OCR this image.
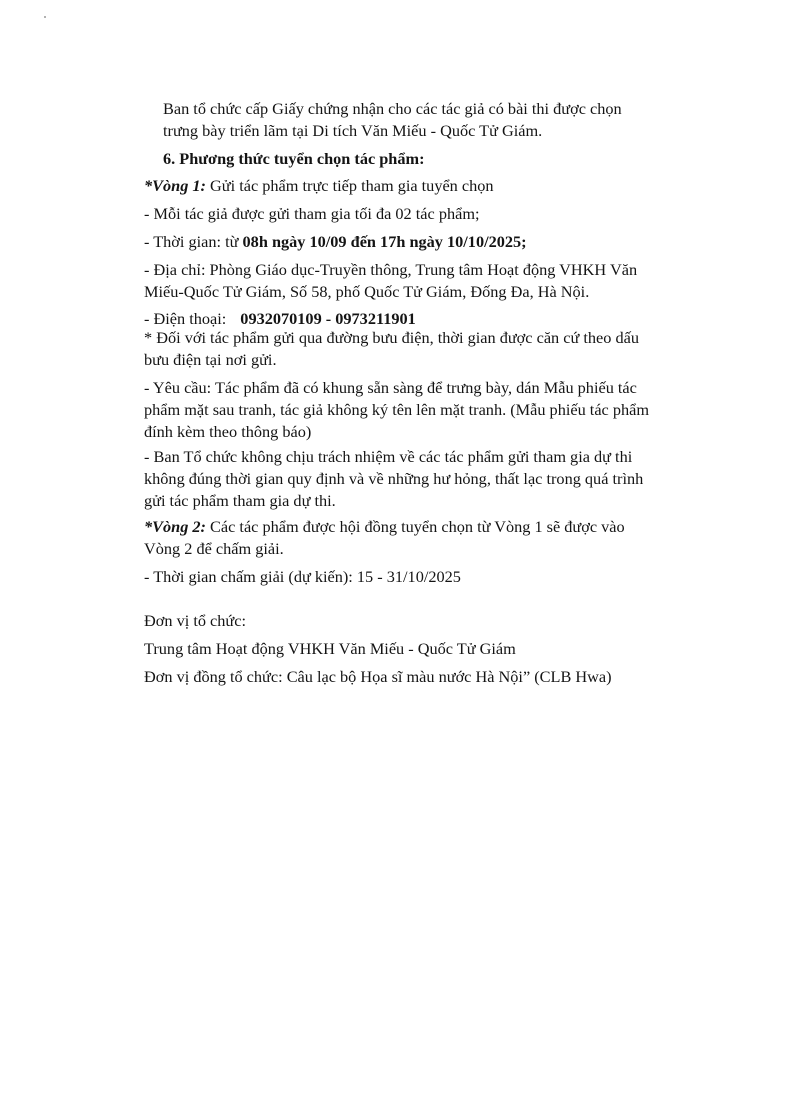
Ban tổ chức cấp Giấy chứng nhận cho các tác giả có bài thi được chọn
trưng bày triển lãm tại Di tích Văn Miếu - Quốc Tử Giám.
6. Phương thức tuyển chọn tác phẩm:
*Vòng 1: Gửi tác phẩm trực tiếp tham gia tuyển chọn
- Mỗi tác giả được gửi tham gia tối đa 02 tác phẩm;
- Thời gian: từ 08h ngày 10/09 đến 17h ngày 10/10/2025;
- Địa chỉ: Phòng Giáo dục-Truyền thông, Trung tâm Hoạt động VHKH Văn
Miếu-Quốc Tử Giám, Số 58, phố Quốc Tử Giám, Đống Đa, Hà Nội.
- Điện thoại: 0932070109 - 0973211901
* Đối với tác phẩm gửi qua đường bưu điện, thời gian được căn cứ theo dấu
bưu điện tại nơi gửi.
- Yêu cầu: Tác phẩm đã có khung sẵn sàng để trưng bày, dán Mẫu phiếu tác
phẩm mặt sau tranh, tác giả không ký tên lên mặt tranh. (Mẫu phiếu tác phẩm
đính kèm theo thông báo)
- Ban Tổ chức không chịu trách nhiệm về các tác phẩm gửi tham gia dự thi
không đúng thời gian quy định và về những hư hỏng, thất lạc trong quá trình
gửi tác phẩm tham gia dự thi.
*Vòng 2: Các tác phẩm được hội đồng tuyển chọn từ Vòng 1 sẽ được vào
Vòng 2 để chấm giải.
- Thời gian chấm giải (dự kiến): 15 - 31/10/2025
Đơn vị tổ chức:
Trung tâm Hoạt động VHKH Văn Miếu - Quốc Tử Giám
Đơn vị đồng tổ chức: Câu lạc bộ Họa sĩ màu nước Hà Nội” (CLB Hwa)
